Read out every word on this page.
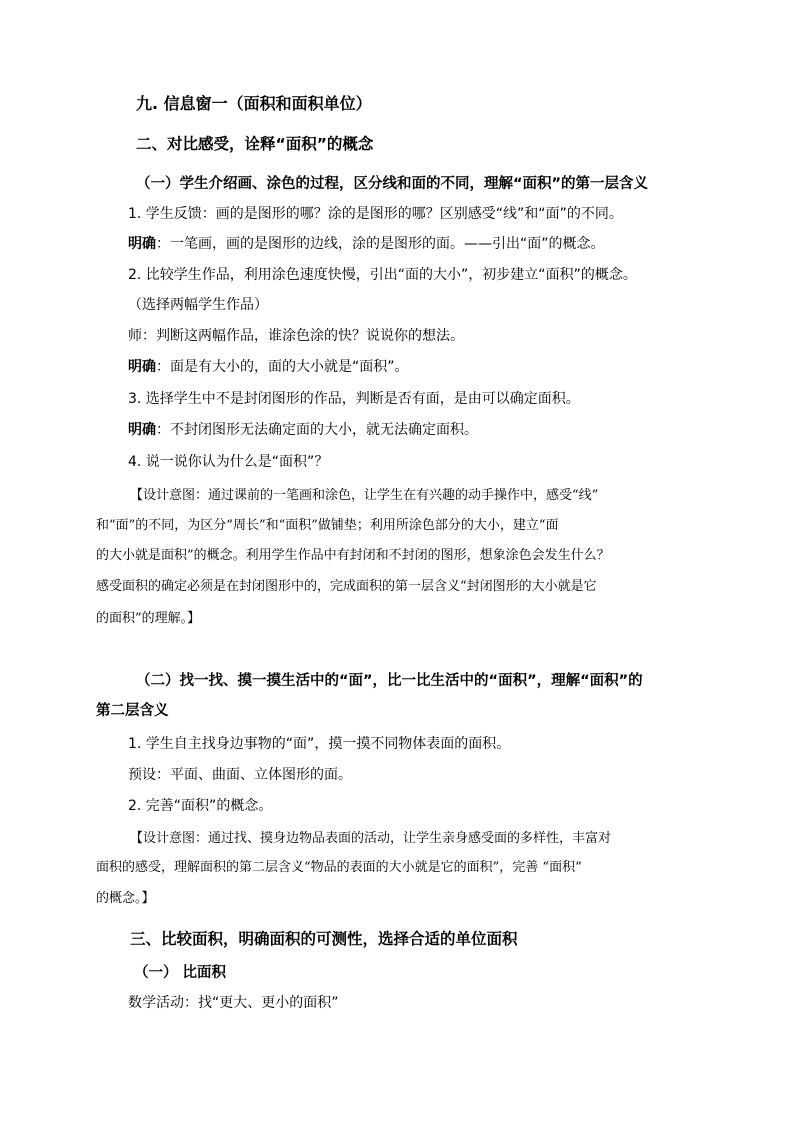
九. 信息窗一（面积和面积单位）
二、对比感受，诠释“面积”的概念
（一）学生介绍画、涂色的过程，区分线和面的不同，理解“面积”的第一层含义
1. 学生反馈：画的是图形的哪？涂的是图形的哪？区别感受“线”和“面”的不同。
明确：一笔画，画的是图形的边线，涂的是图形的面。——引出“面”的概念。
2. 比较学生作品，利用涂色速度快慢，引出“面的大小”，初步建立“面积”的概念。
（选择两幅学生作品）
师：判断这两幅作品，谁涂色涂的快？说说你的想法。
明确：面是有大小的，面的大小就是“面积”。
3. 选择学生中不是封闭图形的作品，判断是否有面，是由可以确定面积。
明确：不封闭图形无法确定面的大小，就无法确定面积。
4. 说一说你认为什么是“面积”？
【设计意图：通过课前的一笔画和涂色，让学生在有兴趣的动手操作中，感受“线”
和“面”的不同，为区分“周长”和“面积”做铺垫；利用所涂色部分的大小，建立“面
的大小就是面积”的概念。利用学生作品中有封闭和不封闭的图形，想象涂色会发生什么？
感受面积的确定必须是在封闭图形中的，完成面积的第一层含义“封闭图形的大小就是它
的面积”的理解。】
（二）找一找、摸一摸生活中的“面”，比一比生活中的“面积”，理解“面积”的
第二层含义
1. 学生自主找身边事物的“面”，摸一摸不同物体表面的面积。
预设：平面、曲面、立体图形的面。
2. 完善“面积”的概念。
【设计意图：通过找、摸身边物品表面的活动，让学生亲身感受面的多样性，丰富对
面积的感受，理解面积的第二层含义“物品的表面的大小就是它的面积”，完善 “面积”
的概念。】
三、比较面积，明确面积的可测性，选择合适的单位面积
（一） 比面积
数学活动：找“更大、更小的面积”
